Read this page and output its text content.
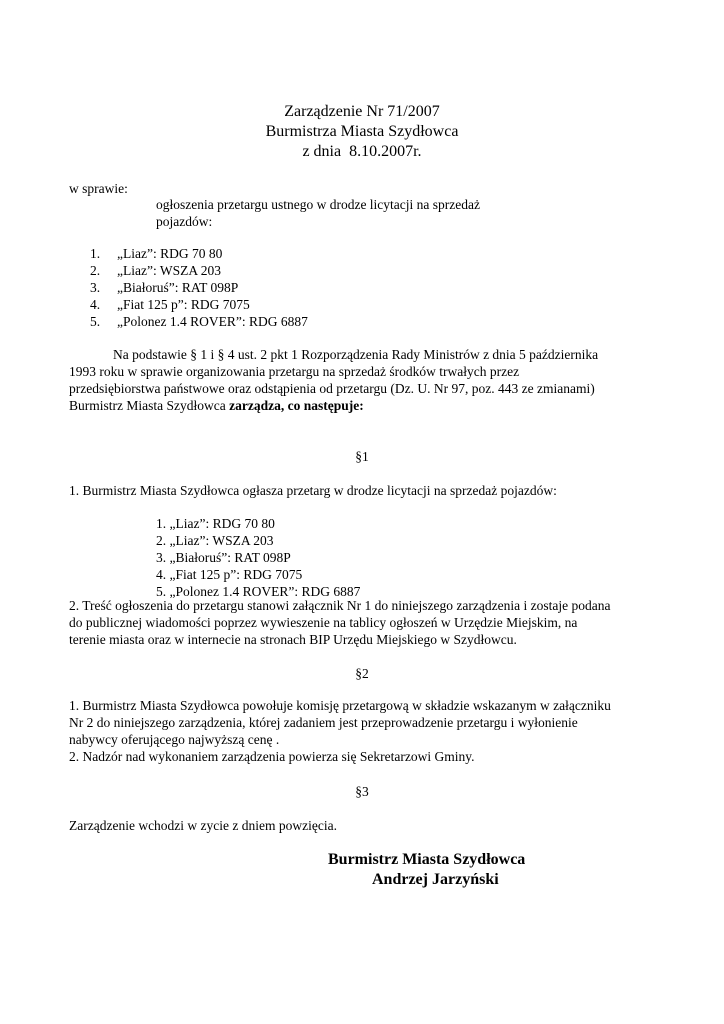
Zarządzenie Nr 71/2007
Burmistrza Miasta Szydłowca
z dnia  8.10.2007r.
w sprawie:
ogłoszenia przetargu ustnego w drodze licytacji na sprzedaż
pojazdów:
1.	„Liaz”: RDG 70 80
2.	„Liaz”: WSZA 203
3.	„Białoruś”: RAT 098P
4.	„Fiat 125 p”: RDG 7075
5.	„Polonez 1.4 ROVER”: RDG 6887
Na podstawie § 1 i § 4 ust. 2 pkt 1 Rozporządzenia Rady Ministrów z dnia 5 października
1993 roku w sprawie organizowania przetargu na sprzedaż środków trwałych przez
przedsiębiorstwa państwowe oraz odstąpienia od przetargu (Dz. U. Nr 97, poz. 443 ze zmianami)
Burmistrz Miasta Szydłowca zarządza, co następuje:
§1
1. Burmistrz Miasta Szydłowca ogłasza przetarg w drodze licytacji na sprzedaż pojazdów:
1. „Liaz”: RDG 70 80
2. „Liaz”: WSZA 203
3. „Białoruś”: RAT 098P
4. „Fiat 125 p”: RDG 7075
5. „Polonez 1.4 ROVER”: RDG 6887
2. Treść ogłoszenia do przetargu stanowi załącznik Nr 1 do niniejszego zarządzenia i zostaje podana
do publicznej wiadomości poprzez wywieszenie na tablicy ogłoszeń w Urzędzie Miejskim, na
terenie miasta oraz w internecie na stronach BIP Urzędu Miejskiego w Szydłowcu.
§2
1. Burmistrz Miasta Szydłowca powołuje komisję przetargową w składzie wskazanym w załączniku
Nr 2 do niniejszego zarządzenia, której zadaniem jest przeprowadzenie przetargu i wyłonienie
nabywcy oferującego najwyższą cenę .
2. Nadzór nad wykonaniem zarządzenia powierza się Sekretarzowi Gminy.
§3
Zarządzenie wchodzi w zycie z dniem powzięcia.
Burmistrz Miasta Szydłowca
Andrzej Jarzyński
